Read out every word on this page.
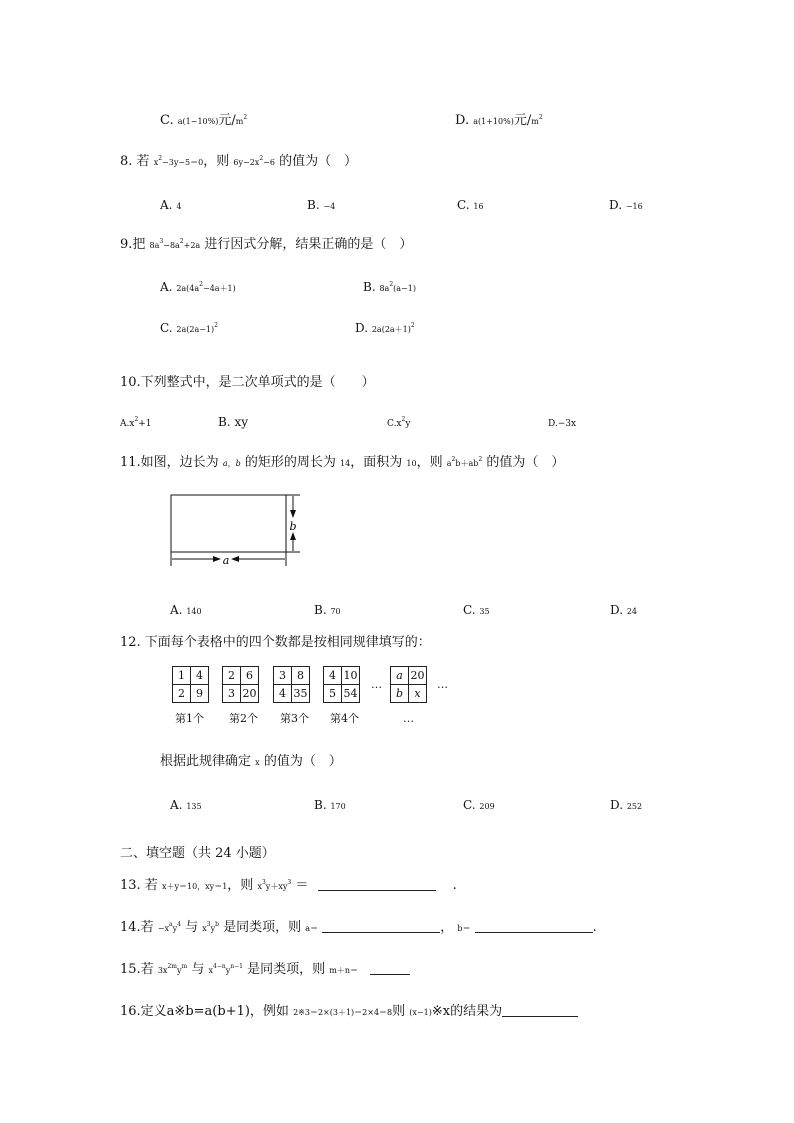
C. a(1−10%)元$/m^2$	D. a(1+10%)元$/m^2$
8. 若 $x^2-3y-5=0$，则 $6y-2x^2-6$ 的值为（　）
A. 4	B. −4	C. 16	D. −16
9.把 $8a^3-8a^2+2a$ 进行因式分解，结果正确的是（　）
A. $2a(4a^2-4a+1)$	B. $8a^2(a-1)$
C. $2a(2a-1)^2$	D. $2a(2a+1)^2$
10.下列整式中，是二次单项式的是（　　）
$A.x^2+1$	B. xy	$C.x^2y$	D.−3x
11.如图，边长为 a，b 的矩形的周长为 14，面积为 10，则 $a^2b+ab^2$ 的值为（　）
a
b
A. 140	B. 70	C. 35	D. 24
12. 下面每个表格中的四个数都是按相同规律填写的：
1	4
2	9
2	6
3	20
3	8
4	35
4	10
5	54
a	20
b	x
…	…
第1个 第2个 第3个 第4个	…
根据此规律确定 x 的值为（　）
A. 135	B. 170	C. 209	D. 252
二、填空题（共 24 小题）
13. 若 x＋y＝10，xy＝1，则 $x^3y+xy^3$ ＝	.
14.若 $-x^ay^4$ 与 $x^3y^b$ 是同类项，则 a＝	， b＝	.
15.若 $3x^{2m}y^m$ 与 $x^{4-n}y^{n-1}$ 是同类项，则 m＋n＝
16.定义a※b=a(b+1)，例如 2※3＝2×(3＋1)＝2×4＝8则 (x−1)※x的结果为
